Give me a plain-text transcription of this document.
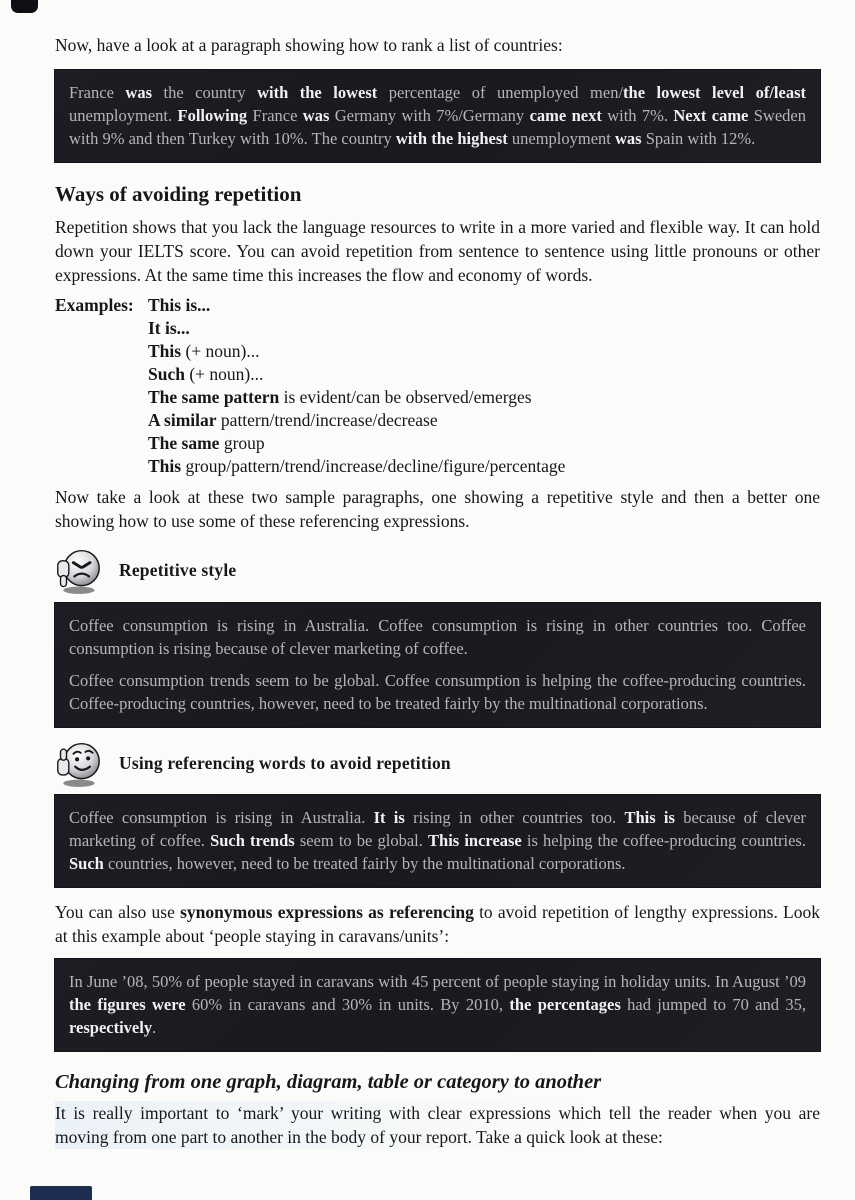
Now, have a look at a paragraph showing how to rank a list of countries:

France was the country with the lowest percentage of unemployed men/the lowest level of/least unemployment. Following France was Germany with 7%/Germany came next with 7%. Next came Sweden with 9% and then Turkey with 10%. The country with the highest unemployment was Spain with 12%.

Ways of avoiding repetition

Repetition shows that you lack the language resources to write in a more varied and flexible way. It can hold down your IELTS score. You can avoid repetition from sentence to sentence using little pronouns or other expressions. At the same time this increases the flow and economy of words.

Examples: This is...
It is...
This (+ noun)...
Such (+ noun)...
The same pattern is evident/can be observed/emerges
A similar pattern/trend/increase/decrease
The same group
This group/pattern/trend/increase/decline/figure/percentage

Now take a look at these two sample paragraphs, one showing a repetitive style and then a better one showing how to use some of these referencing expressions.

Repetitive style

Coffee consumption is rising in Australia. Coffee consumption is rising in other countries too. Coffee consumption is rising because of clever marketing of coffee.

Coffee consumption trends seem to be global. Coffee consumption is helping the coffee-producing countries. Coffee-producing countries, however, need to be treated fairly by the multinational corporations.

Using referencing words to avoid repetition

Coffee consumption is rising in Australia. It is rising in other countries too. This is because of clever marketing of coffee. Such trends seem to be global. This increase is helping the coffee-producing countries. Such countries, however, need to be treated fairly by the multinational corporations.

You can also use synonymous expressions as referencing to avoid repetition of lengthy expressions. Look at this example about ‘people staying in caravans/units’:

In June ’08, 50% of people stayed in caravans with 45 percent of people staying in holiday units. In August ’09 the figures were 60% in caravans and 30% in units. By 2010, the percentages had jumped to 70 and 35, respectively.

Changing from one graph, diagram, table or category to another

It is really important to ‘mark’ your writing with clear expressions which tell the reader when you are moving from one part to another in the body of your report. Take a quick look at these:
